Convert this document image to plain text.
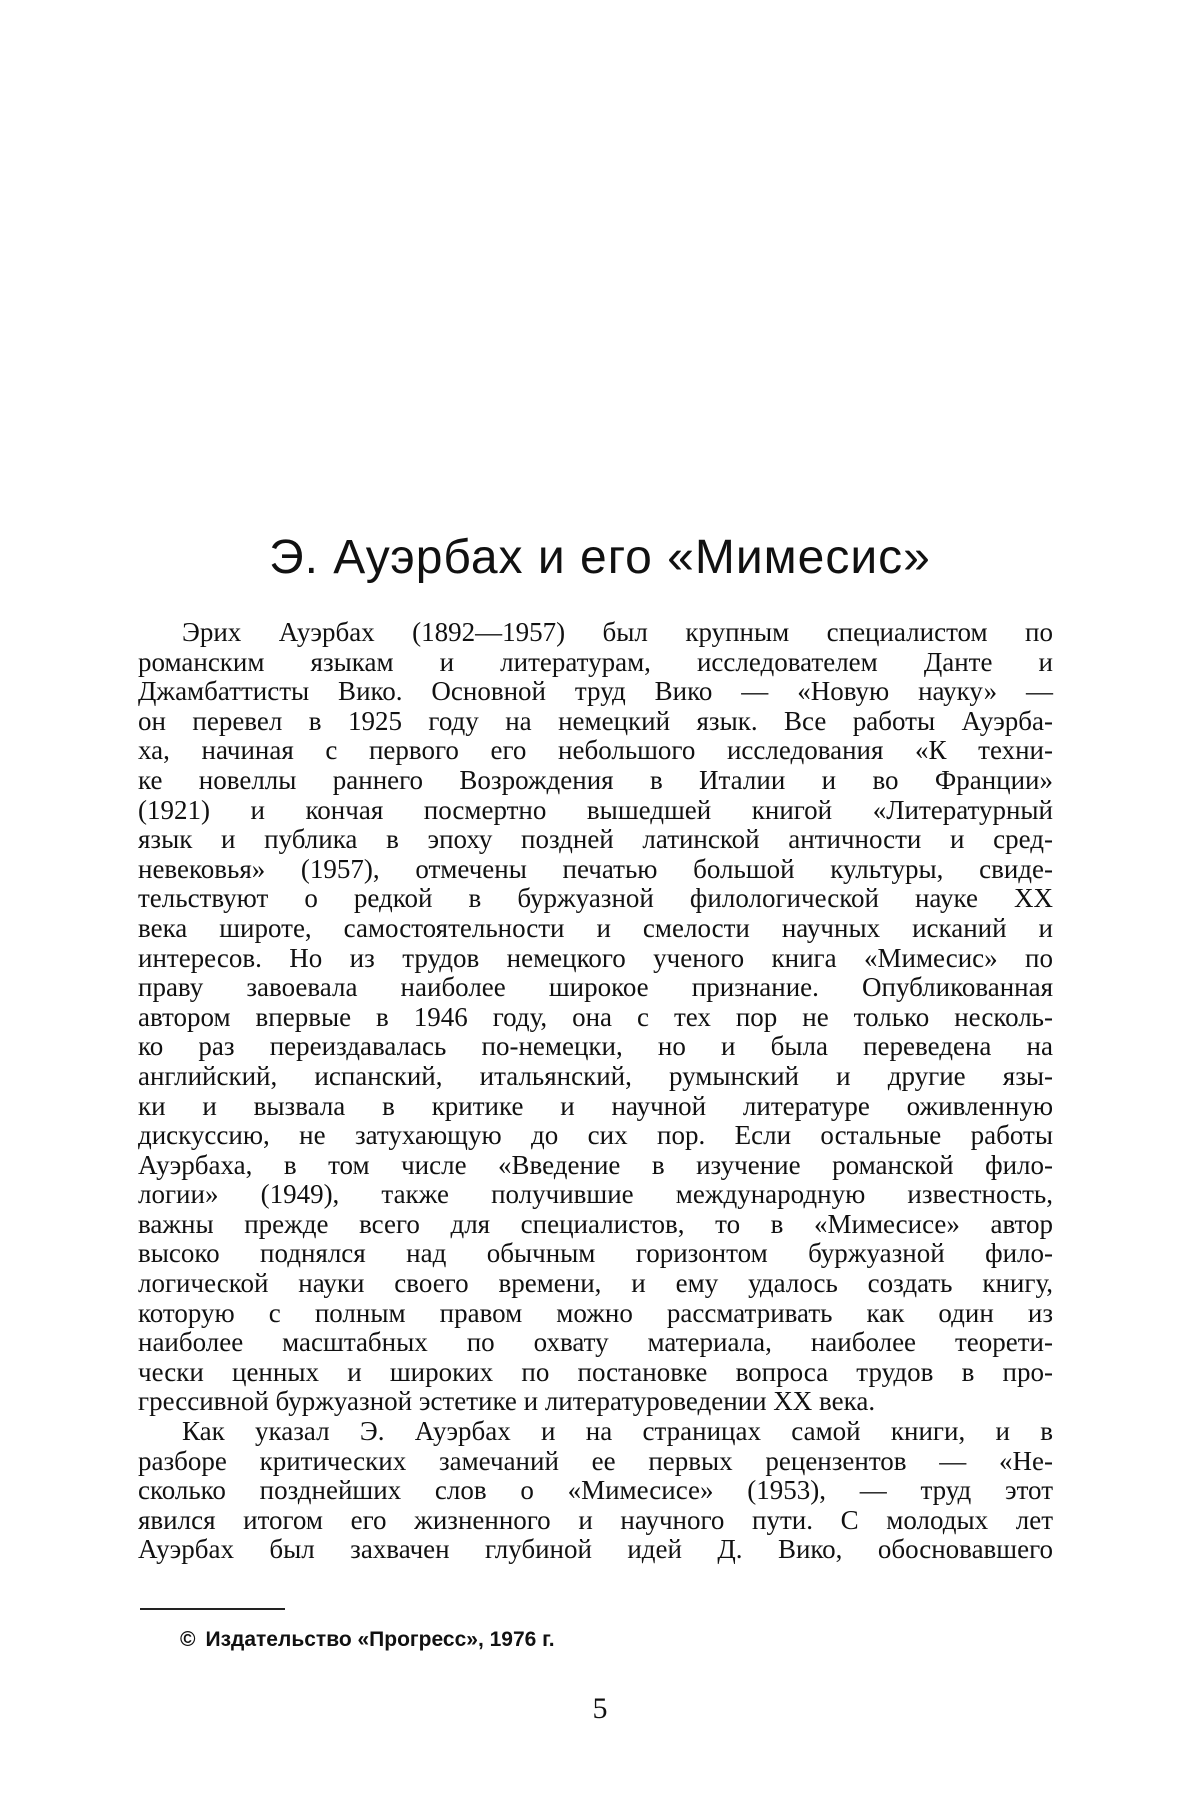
Э. Ауэрбах и его «Мимесис»
Эрих Ауэрбах (1892—1957) был крупным специалистом по
романским языкам и литературам, исследователем Данте и
Джамбаттисты Вико. Основной труд Вико — «Новую науку» —
он перевел в 1925 году на немецкий язык. Все работы Ауэрба-
ха, начиная с первого его небольшого исследования «К техни-
ке новеллы раннего Возрождения в Италии и во Франции»
(1921) и кончая посмертно вышедшей книгой «Литературный
язык и публика в эпоху поздней латинской античности и сред-
невековья» (1957), отмечены печатью большой культуры, свиде-
тельствуют о редкой в буржуазной филологической науке XX
века широте, самостоятельности и смелости научных исканий и
интересов. Но из трудов немецкого ученого книга «Мимесис» по
праву завоевала наиболее широкое признание. Опубликованная
автором впервые в 1946 году, она с тех пор не только несколь-
ко раз переиздавалась по-немецки, но и была переведена на
английский, испанский, итальянский, румынский и другие язы-
ки и вызвала в критике и научной литературе оживленную
дискуссию, не затухающую до сих пор. Если остальные работы
Ауэрбаха, в том числе «Введение в изучение романской фило-
логии» (1949), также получившие международную известность,
важны прежде всего для специалистов, то в «Мимесисе» автор
высоко поднялся над обычным горизонтом буржуазной фило-
логической науки своего времени, и ему удалось создать книгу,
которую с полным правом можно рассматривать как один из
наиболее масштабных по охвату материала, наиболее теорети-
чески ценных и широких по постановке вопроса трудов в про-
грессивной буржуазной эстетике и литературоведении XX века.
Как указал Э. Ауэрбах и на страницах самой книги, и в
разборе критических замечаний ее первых рецензентов — «Не-
сколько позднейших слов о «Мимесисе» (1953), — труд этот
явился итогом его жизненного и научного пути. С молодых лет
Ауэрбах был захвачен глубиной идей Д. Вико, обосновавшего
© Издательство «Прогресс», 1976 г.
5
